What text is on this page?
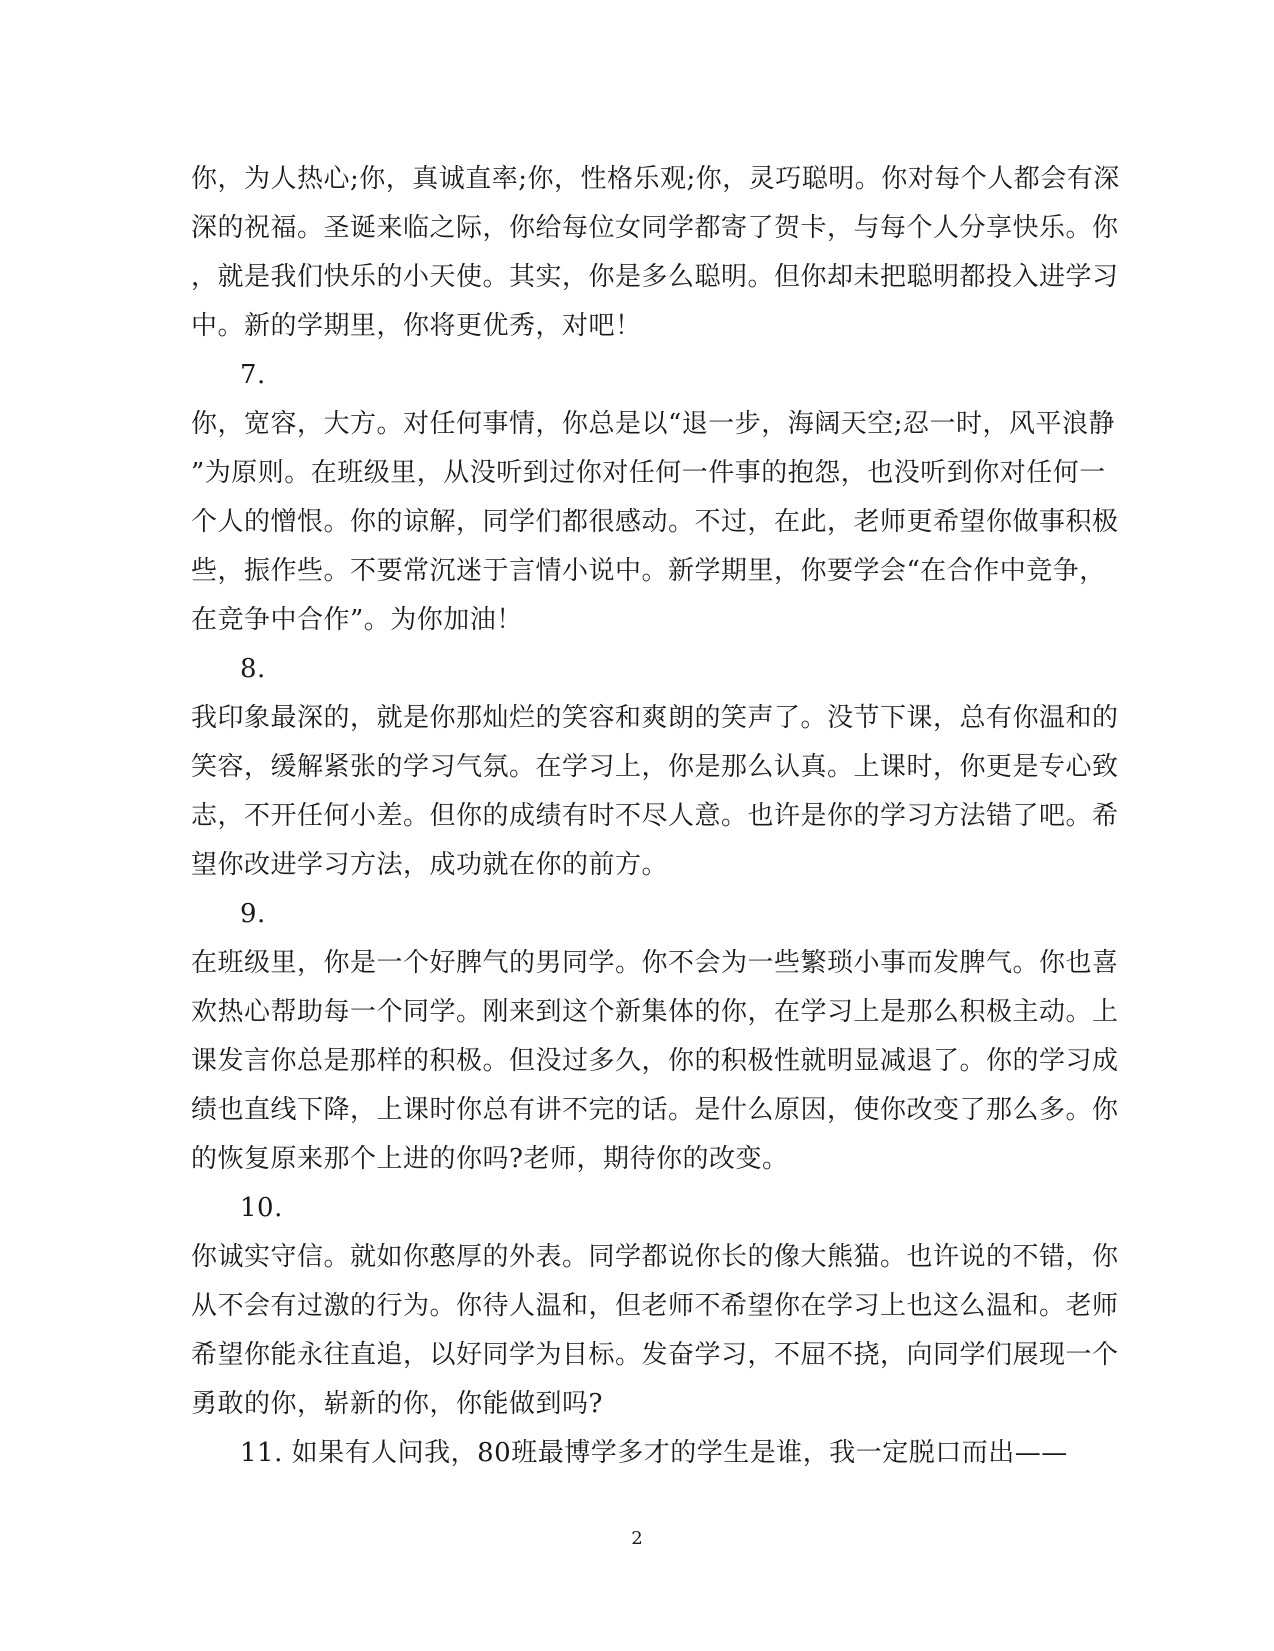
你，为人热心;你，真诚直率;你，性格乐观;你，灵巧聪明。你对每个人都会有深
深的祝福。圣诞来临之际，你给每位女同学都寄了贺卡，与每个人分享快乐。你
，就是我们快乐的小天使。其实，你是多么聪明。但你却未把聪明都投入进学习
中。新的学期里，你将更优秀，对吧！
7.
你，宽容，大方。对任何事情，你总是以“退一步，海阔天空;忍一时，风平浪静
”为原则。在班级里，从没听到过你对任何一件事的抱怨，也没听到你对任何一
个人的憎恨。你的谅解，同学们都很感动。不过，在此，老师更希望你做事积极
些，振作些。不要常沉迷于言情小说中。新学期里，你要学会“在合作中竞争，
在竞争中合作”。为你加油！
8.
我印象最深的，就是你那灿烂的笑容和爽朗的笑声了。没节下课，总有你温和的
笑容，缓解紧张的学习气氛。在学习上，你是那么认真。上课时，你更是专心致
志，不开任何小差。但你的成绩有时不尽人意。也许是你的学习方法错了吧。希
望你改进学习方法，成功就在你的前方。
9.
在班级里，你是一个好脾气的男同学。你不会为一些繁琐小事而发脾气。你也喜
欢热心帮助每一个同学。刚来到这个新集体的你，在学习上是那么积极主动。上
课发言你总是那样的积极。但没过多久，你的积极性就明显减退了。你的学习成
绩也直线下降，上课时你总有讲不完的话。是什么原因，使你改变了那么多。你
的恢复原来那个上进的你吗?老师，期待你的改变。
10.
你诚实守信。就如你憨厚的外表。同学都说你长的像大熊猫。也许说的不错，你
从不会有过激的行为。你待人温和，但老师不希望你在学习上也这么温和。老师
希望你能永往直追，以好同学为目标。发奋学习，不屈不挠，向同学们展现一个
勇敢的你，崭新的你，你能做到吗?
11. 如果有人问我，80班最博学多才的学生是谁，我一定脱口而出——
2
